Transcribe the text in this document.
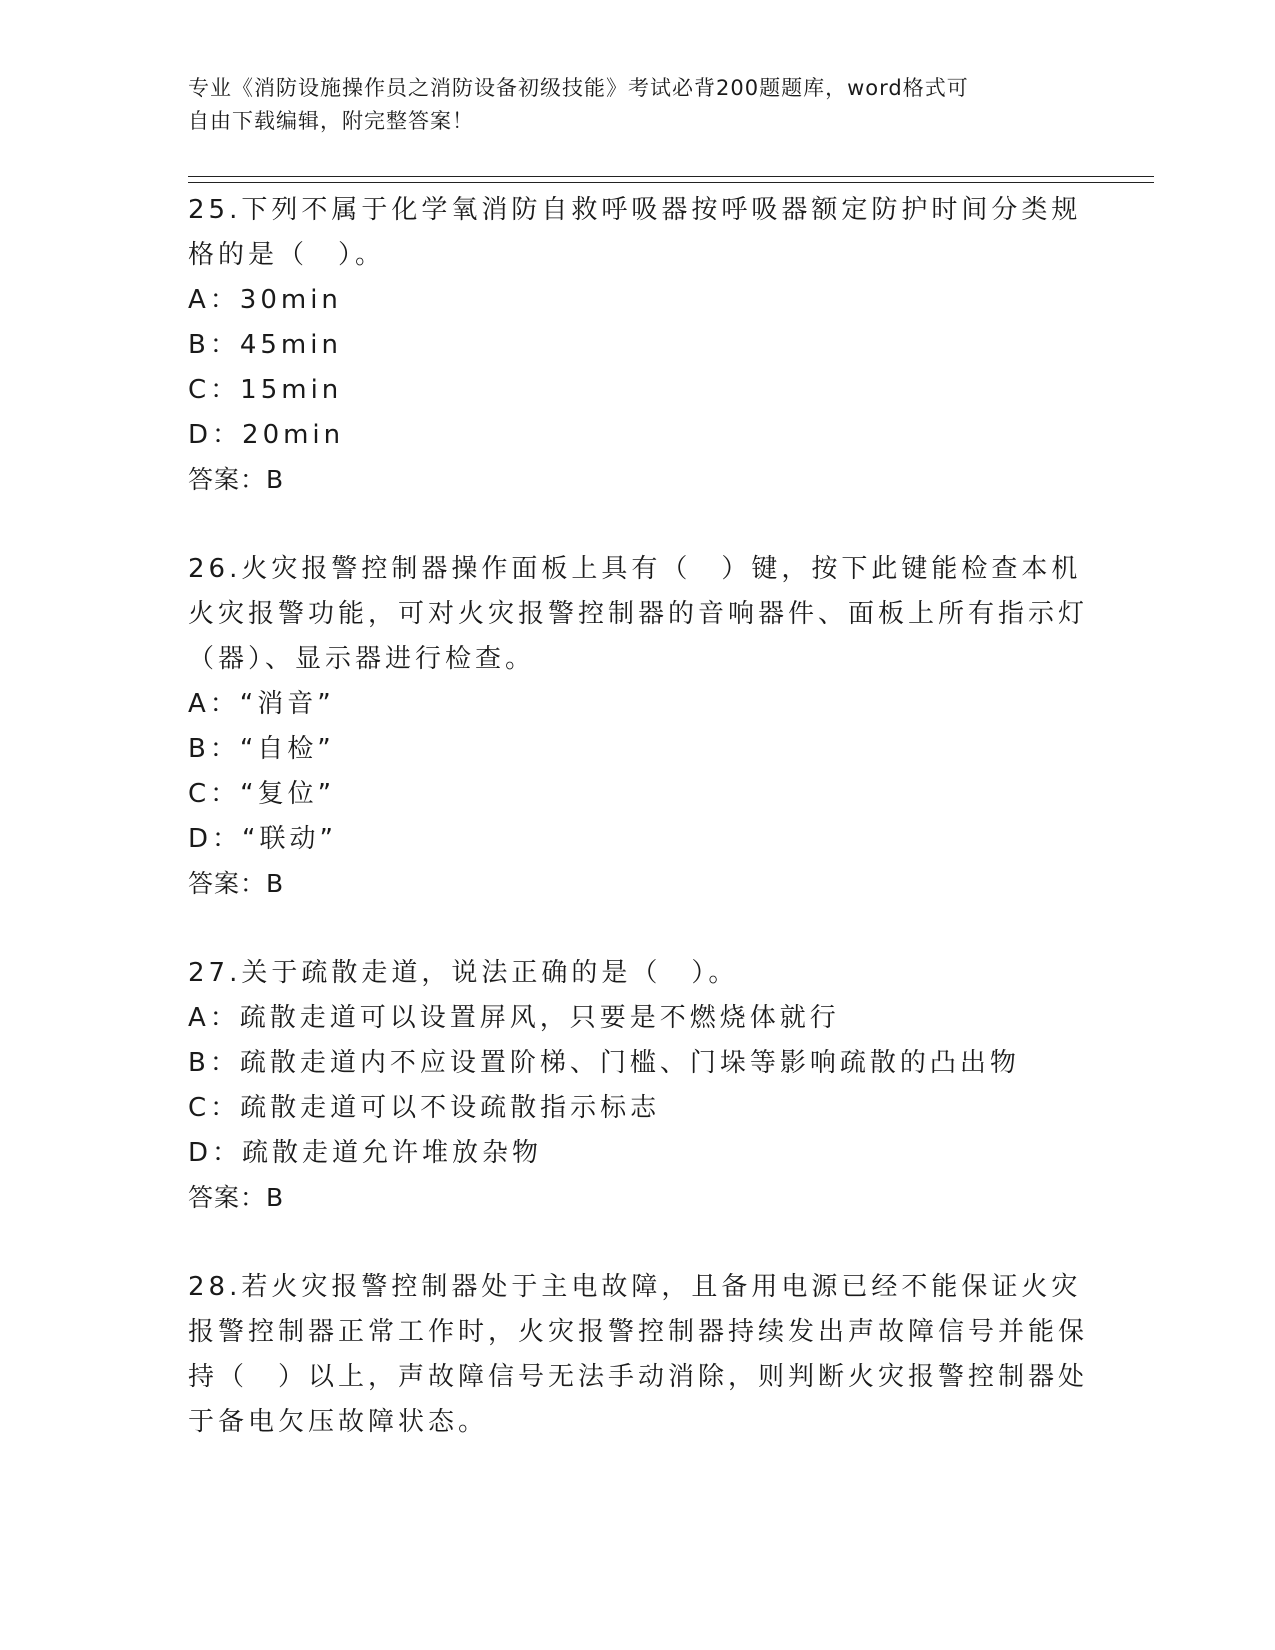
专业《消防设施操作员之消防设备初级技能》考试必背200题题库，word格式可
自由下载编辑，附完整答案！

25.下列不属于化学氧消防自救呼吸器按呼吸器额定防护时间分类规格的是（　）。

A：30min

B：45min

C：15min

D：20min

答案：B

26.火灾报警控制器操作面板上具有（　）键，按下此键能检查本机火灾报警功能，可对火灾报警控制器的音响器件、面板上所有指示灯（器）、显示器进行检查。

A：“消音”

B：“自检”

C：“复位”

D：“联动”

答案：B

27.关于疏散走道，说法正确的是（　）。

A：疏散走道可以设置屏风，只要是不燃烧体就行

B：疏散走道内不应设置阶梯、门槛、门垛等影响疏散的凸出物

C：疏散走道可以不设疏散指示标志

D：疏散走道允许堆放杂物

答案：B

28.若火灾报警控制器处于主电故障，且备用电源已经不能保证火灾报警控制器正常工作时，火灾报警控制器持续发出声故障信号并能保持（　）以上，声故障信号无法手动消除，则判断火灾报警控制器处于备电欠压故障状态。
